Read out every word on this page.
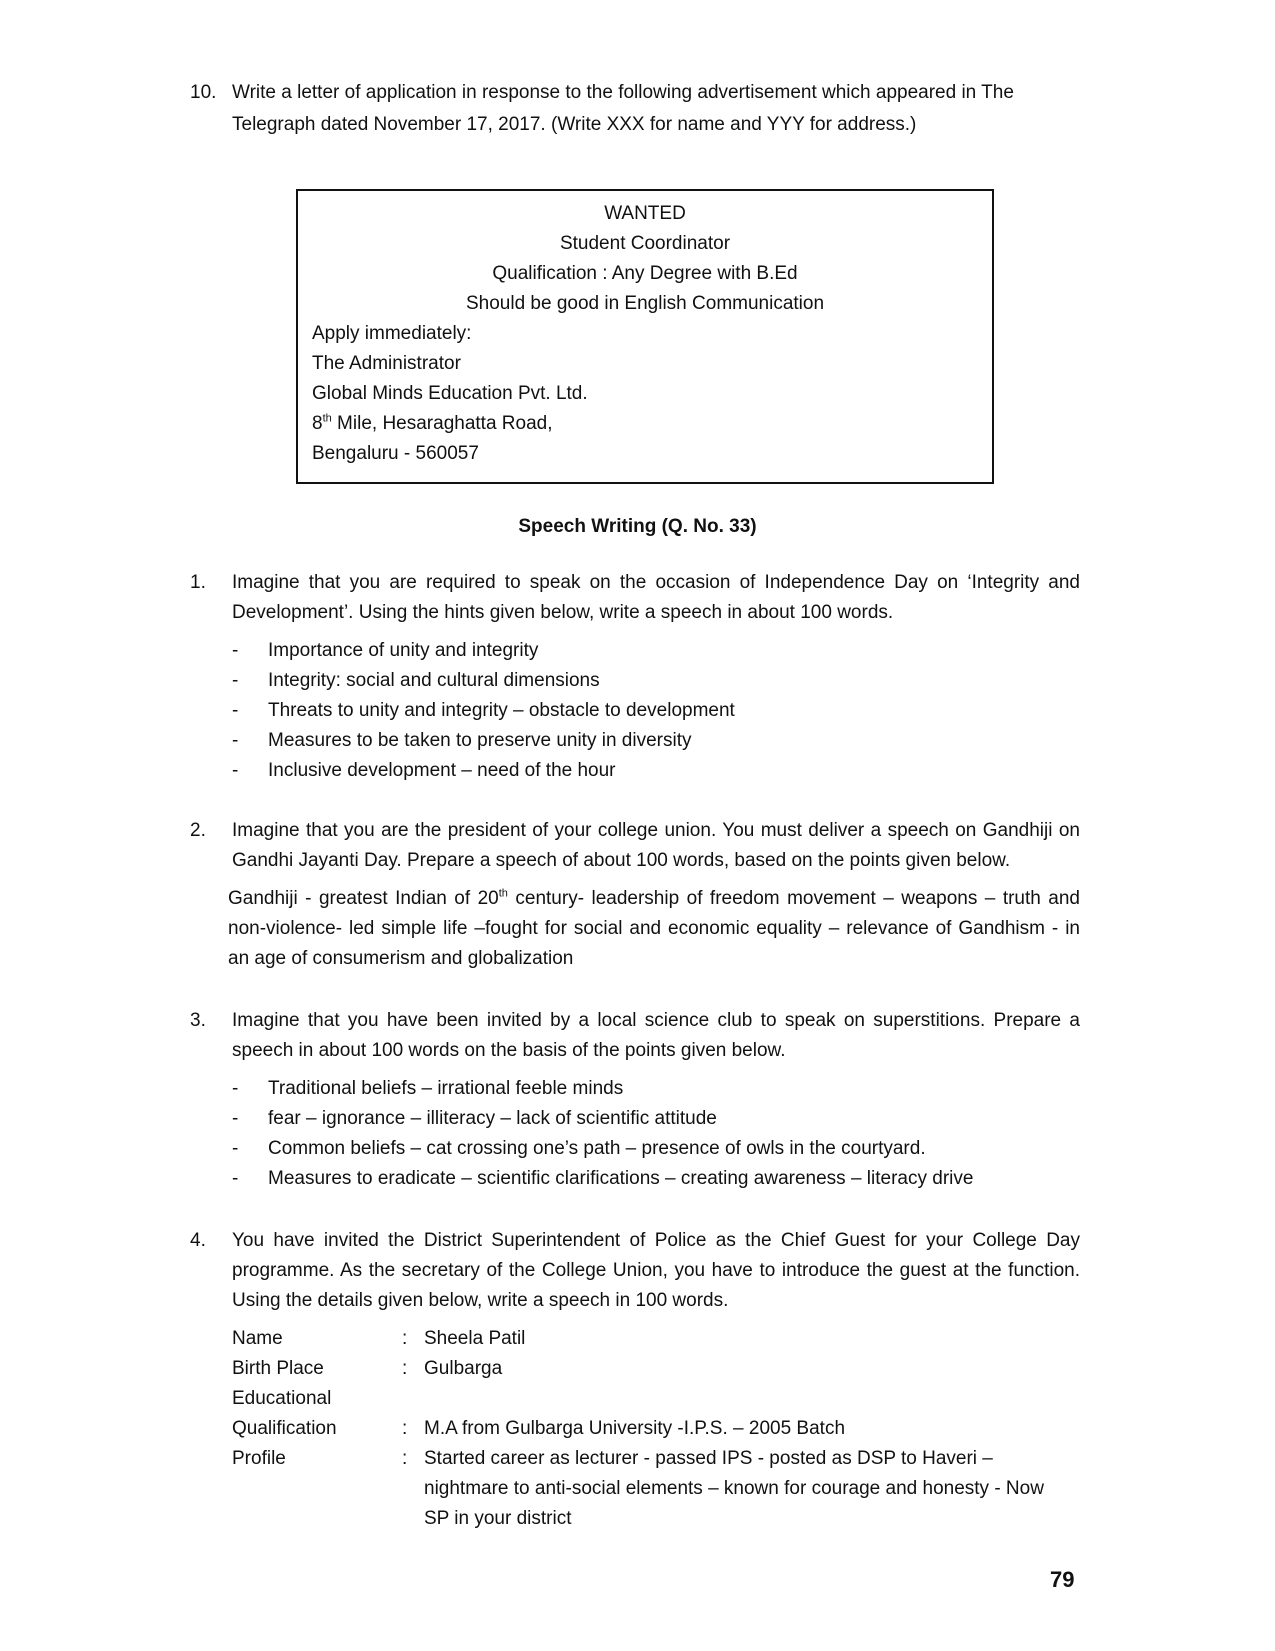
10. Write a letter of application in response to the following advertisement which appeared in The
Telegraph dated November 17, 2017. (Write XXX for name and YYY for address.)
WANTED
Student Coordinator
Qualification : Any Degree with B.Ed
Should be good in English Communication
Apply immediately:
The Administrator
Global Minds Education Pvt. Ltd.
8th Mile, Hesaraghatta Road,
Bengaluru - 560057
Speech Writing (Q. No. 33)
1.	Imagine that you are required to speak on the occasion of Independence Day on ‘Integrity and Development’. Using the hints given below, write a speech in about 100 words.
- Importance of unity and integrity
- Integrity: social and cultural dimensions
- Threats to unity and integrity – obstacle to development
- Measures to be taken to preserve unity in diversity
- Inclusive development – need of the hour
2.	Imagine that you are the president of your college union. You must deliver a speech on Gandhiji on Gandhi Jayanti Day. Prepare a speech of about 100 words, based on the points given below.
Gandhiji - greatest Indian of 20th century- leadership of freedom movement – weapons – truth and non-violence- led simple life –fought for social and economic equality – relevance of Gandhism - in an age of consumerism and globalization
3.	Imagine that you have been invited by a local science club to speak on superstitions. Prepare a speech in about 100 words on the basis of the points given below.
- Traditional beliefs – irrational feeble minds
- fear – ignorance – illiteracy – lack of scientific attitude
- Common beliefs – cat crossing one’s path – presence of owls in the courtyard.
- Measures to eradicate – scientific clarifications – creating awareness – literacy drive
4.	You have invited the District Superintendent of Police as the Chief Guest for your College Day programme. As the secretary of the College Union, you have to introduce the guest at the function. Using the details given below, write a speech in 100 words.
Name	:	Sheela Patil
Birth Place	:	Gulbarga
Educational		
Qualification	:	M.A from Gulbarga University -I.P.S. – 2005 Batch
Profile	:	Started career as lecturer - passed IPS - posted as DSP to Haveri – nightmare to anti-social elements – known for courage and honesty - Now SP in your district
79
